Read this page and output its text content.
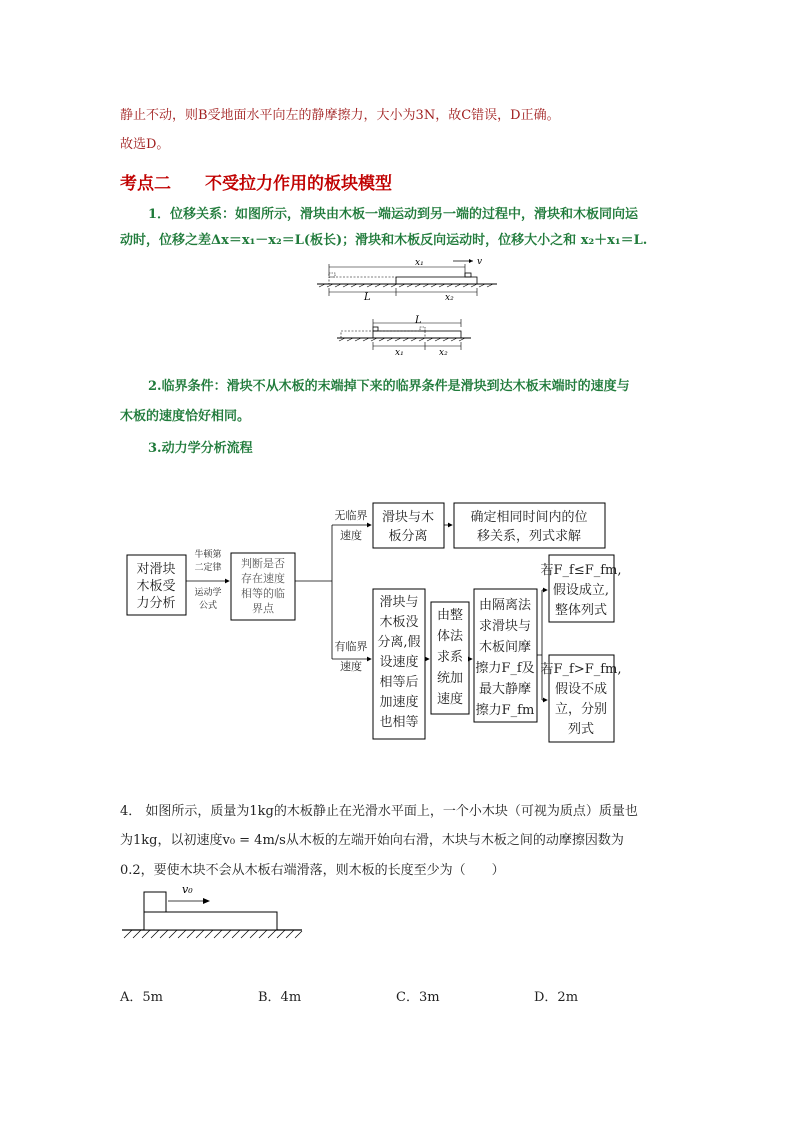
静止不动，则B受地面水平向左的静摩擦力，大小为3N，故C错误，D正确。
故选D。
考点二　　不受拉力作用的板块模型
1．位移关系：如图所示，滑块由木板一端运动到另一端的过程中，滑块和木板同向运
动时，位移之差Δx＝x₁－x₂＝L(板长)；滑块和木板反向运动时，位移大小之和 x₂＋x₁＝L.
x₁	v
L	x₂
L
x₁	x₂
2.临界条件：滑块不从木板的末端掉下来的临界条件是滑块到达木板末端时的速度与
木板的速度恰好相同。
3.动力学分析流程
对滑块
木板受
力分析
牛顿第
二定律
运动学
公式
判断是否
存在速度
相等的临
界点
无临界
速度
有临界
速度
滑块与木
板分离
确定相同时间内的位
移关系，列式求解
滑块与
木板没
分离,假
设速度
相等后
加速度
也相等
由整
体法
求系
统加
速度
由隔离法
求滑块与
木板间摩
擦力F_f及
最大静摩
擦力F_fm
若F_f≤F_fm,
假设成立,
整体列式
若F_f>F_fm,
假设不成
立，分别
列式
4． 如图所示，质量为1kg的木板静止在光滑水平面上，一个小木块（可视为质点）质量也
为1kg，以初速度v₀ = 4m/s从木板的左端开始向右滑，木块与木板之间的动摩擦因数为
0.2，要使木块不会从木板右端滑落，则木板的长度至少为（　　）
v₀
A．5m	B．4m	C．3m	D．2m
